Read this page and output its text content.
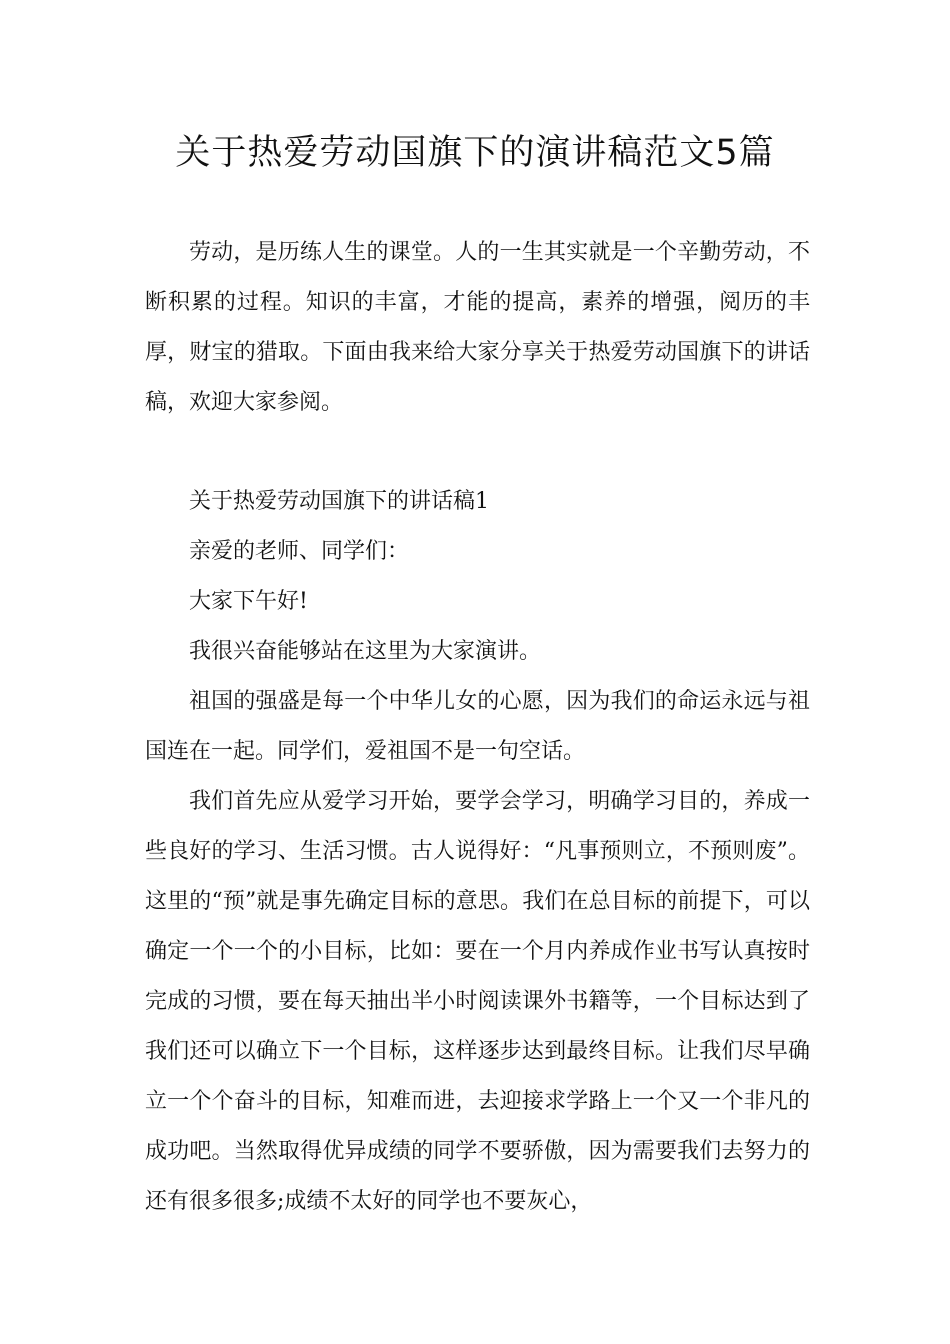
关于热爱劳动国旗下的演讲稿范文5篇

劳动，是历练人生的课堂。人的一生其实就是一个辛勤劳动，不断积累的过程。知识的丰富，才能的提高，素养的增强，阅历的丰厚，财宝的猎取。下面由我来给大家分享关于热爱劳动国旗下的讲话稿，欢迎大家参阅。

关于热爱劳动国旗下的讲话稿1

亲爱的老师、同学们：

大家下午好!

我很兴奋能够站在这里为大家演讲。

祖国的强盛是每一个中华儿女的心愿，因为我们的命运永远与祖国连在一起。同学们，爱祖国不是一句空话。

我们首先应从爱学习开始，要学会学习，明确学习目的，养成一些良好的学习、生活习惯。古人说得好：“凡事预则立，不预则废”。这里的“预”就是事先确定目标的意思。我们在总目标的前提下，可以确定一个一个的小目标，比如：要在一个月内养成作业书写认真按时完成的习惯，要在每天抽出半小时阅读课外书籍等，一个目标达到了我们还可以确立下一个目标，这样逐步达到最终目标。让我们尽早确立一个个奋斗的目标，知难而进，去迎接求学路上一个又一个非凡的成功吧。当然取得优异成绩的同学不要骄傲，因为需要我们去努力的还有很多很多;成绩不太好的同学也不要灰心，
